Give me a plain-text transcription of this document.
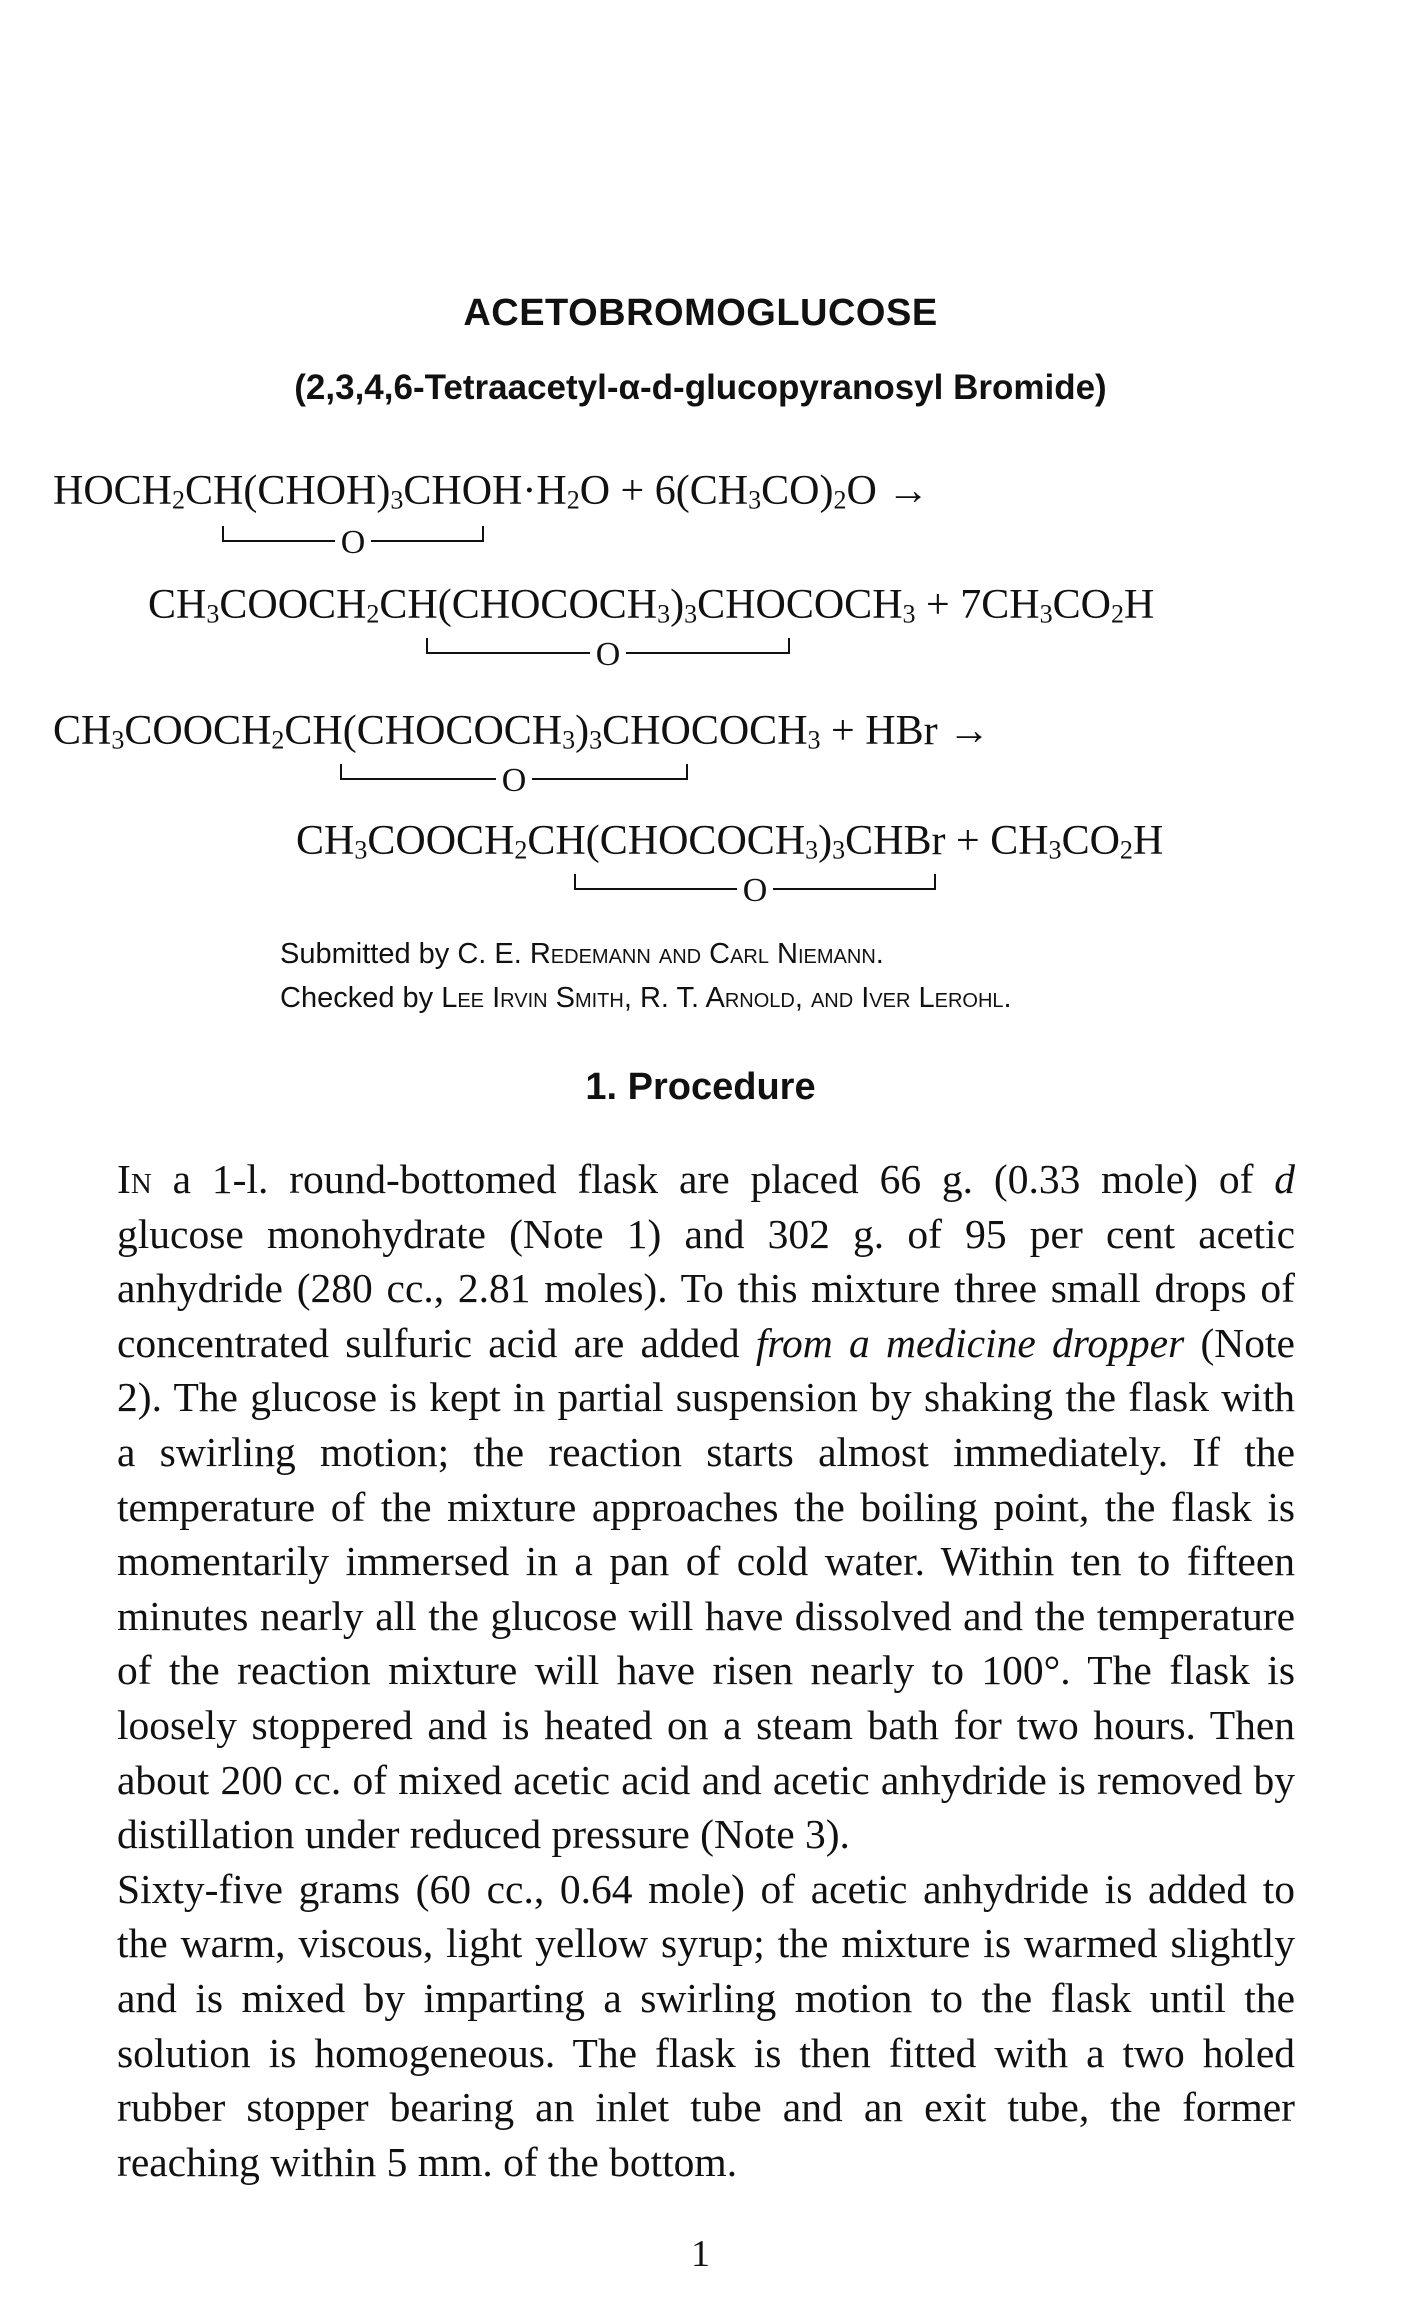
ACETOBROMOGLUCOSE
(2,3,4,6-Tetraacetyl-α-d-glucopyranosyl Bromide)
$HOCH_2CH(CHOH)_3CHOH\cdot H_2O + 6(CH_3CO)_2O$ →
O
$CH_3COOCH_2CH(CHOCOCH_3)_3CHOCOCH_3 + 7CH_3CO_2H$
O
$CH_3COOCH_2CH(CHOCOCH_3)_3CHOCOCH_3$ + HBr →
O
$CH_3COOCH_2CH(CHOCOCH_3)_3CHBr + CH_3CO_2H$
O
Submitted by C. E. Redemann and Carl Niemann.
Checked by Lee Irvin Smith, R. T. Arnold, and Iver Lerohl.
1. Procedure

In a 1-l. round-bottomed flask are placed 66 g. (0.33 mole) of d glucose monohydrate (Note 1) and 302 g. of 95 per cent acetic anhydride (280 cc., 2.81 moles). To this mixture three small drops of concentrated sulfuric acid are added from a medicine dropper (Note 2). The glucose is kept in partial suspension by shaking the flask with a swirling motion; the reaction starts almost immediately. If the temperature of the mixture approaches the boiling point, the flask is momentarily immersed in a pan of cold water. Within ten to fifteen minutes nearly all the glucose will have dissolved and the temperature of the reaction mixture will have risen nearly to 100°. The flask is loosely stoppered and is heated on a steam bath for two hours. Then about 200 cc. of mixed acetic acid and acetic anhydride is removed by distillation under reduced pressure (Note 3).

Sixty-five grams (60 cc., 0.64 mole) of acetic anhydride is added to the warm, viscous, light yellow syrup; the mixture is warmed slightly and is mixed by imparting a swirling motion to the flask until the solution is homogeneous. The flask is then fitted with a two holed rubber stopper bearing an inlet tube and an exit tube, the former reaching within 5 mm. of the bottom.

1
